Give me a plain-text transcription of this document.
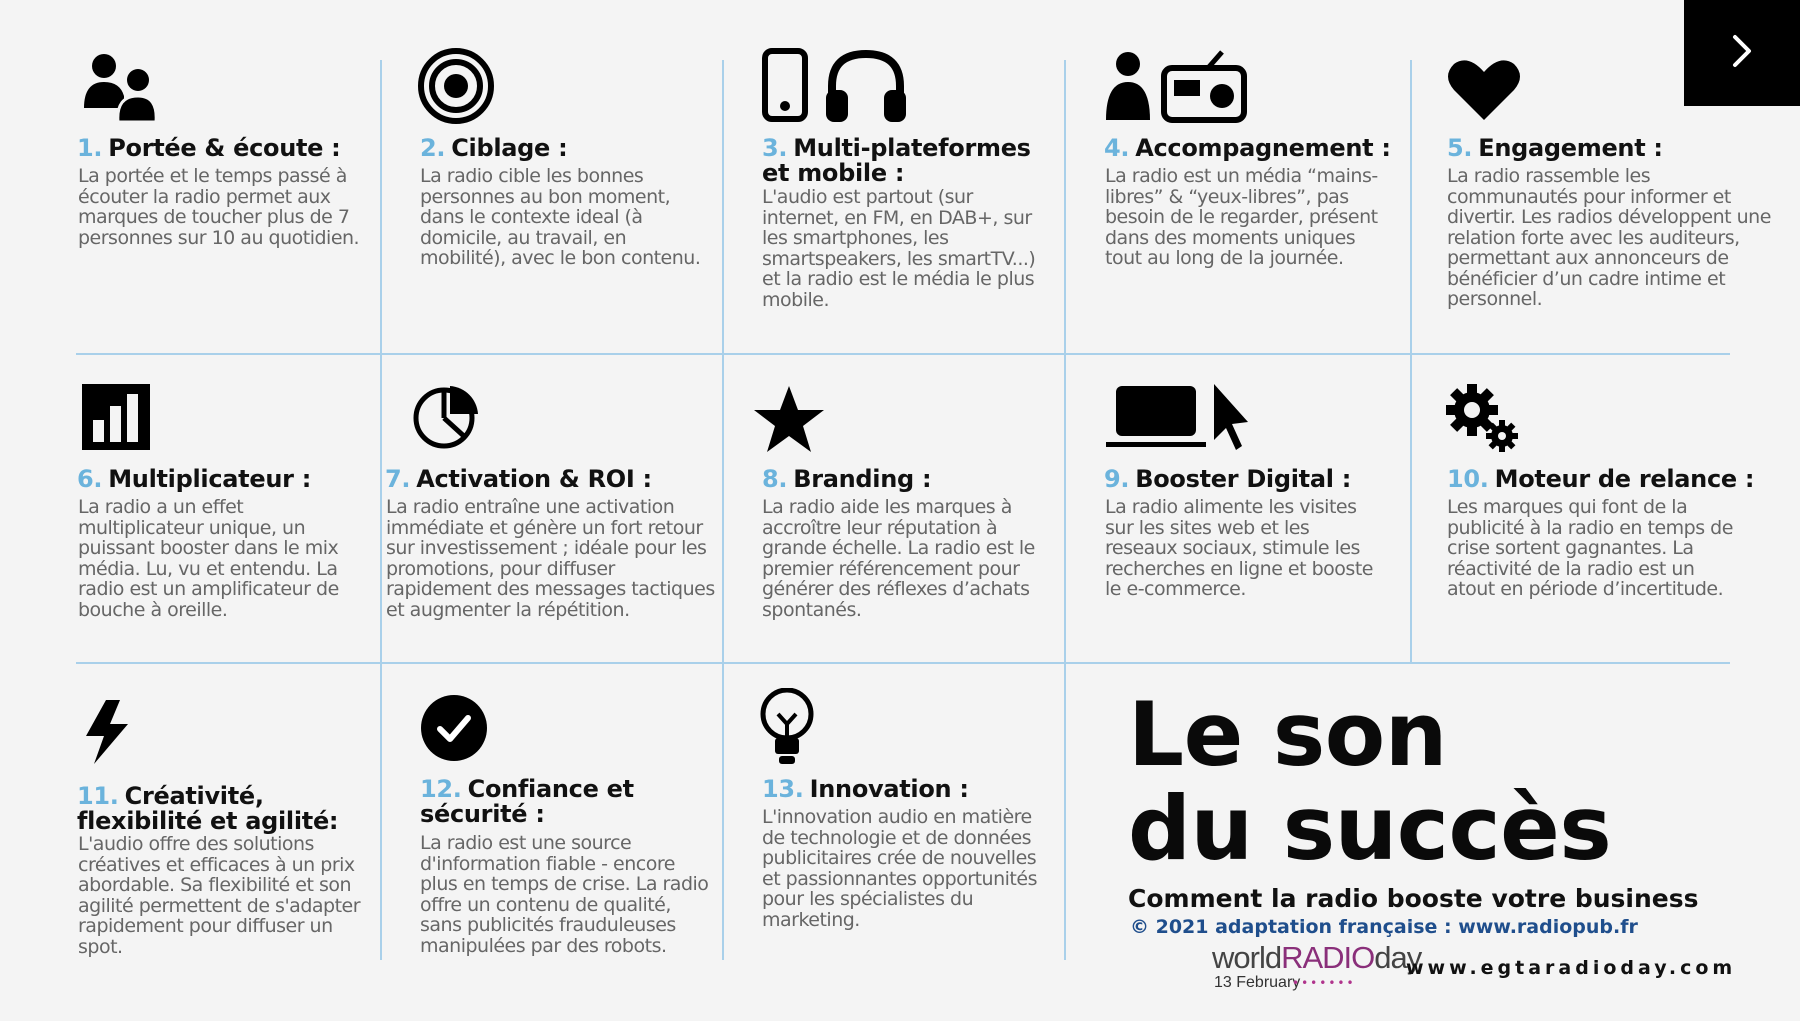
1. Portée & écoute :
La portée et le temps passé à écouter la radio permet aux marques de toucher plus de 7 personnes sur 10 au quotidien.
2. Ciblage :
La radio cible les bonnes personnes au bon moment, dans le contexte ideal (à domicile, au travail, en mobilité), avec le bon contenu.
3. Multi-plateformes et mobile :
L'audio est partout (sur internet, en FM, en DAB+, sur les smartphones, les smartspeakers, les smartTV...) et la radio est le média le plus mobile.
4. Accompagnement :
La radio est un média “mains-libres” & “yeux-libres”, pas besoin de le regarder, présent dans des moments uniques tout au long de la journée.
5. Engagement :
La radio rassemble les communautés pour informer et divertir. Les radios développent une relation forte avec les auditeurs, permettant aux annonceurs de bénéficier d’un cadre intime et personnel.
6. Multiplicateur :
La radio a un effet multiplicateur unique, un puissant booster dans le mix média. Lu, vu et entendu. La radio est un amplificateur de bouche à oreille.
7. Activation & ROI :
La radio entraîne une activation immédiate et génère un fort retour sur investissement ; idéale pour les promotions, pour diffuser rapidement des messages tactiques et augmenter la répétition.
8. Branding :
La radio aide les marques à accroître leur réputation à grande échelle. La radio est le premier référencement pour générer des réflexes d’achats spontanés.
9. Booster Digital :
La radio alimente les visites sur les sites web et les reseaux sociaux, stimule les recherches en ligne et booste le e-commerce.
10. Moteur de relance :
Les marques qui font de la publicité à la radio en temps de crise sortent gagnantes. La réactivité de la radio est un atout en période d’incertitude.
11. Créativité, flexibilité et agilité:
L'audio offre des solutions créatives et efficaces à un prix abordable. Sa flexibilité et son agilité permettent de s'adapter rapidement pour diffuser un spot.
12. Confiance et sécurité :
La radio est une source d'information fiable - encore plus en temps de crise. La radio offre un contenu de qualité, sans publicités frauduleuses manipulées par des robots.
13. Innovation :
L'innovation audio en matière de technologie et de données publicitaires crée de nouvelles et passionnantes opportunités pour les spécialistes du marketing.
Le son
du succès
Comment la radio booste votre business
© 2021 adaptation française : www.radiopub.fr
worldRADIOday
13 February
•••••••
www.egtaradioday.com
